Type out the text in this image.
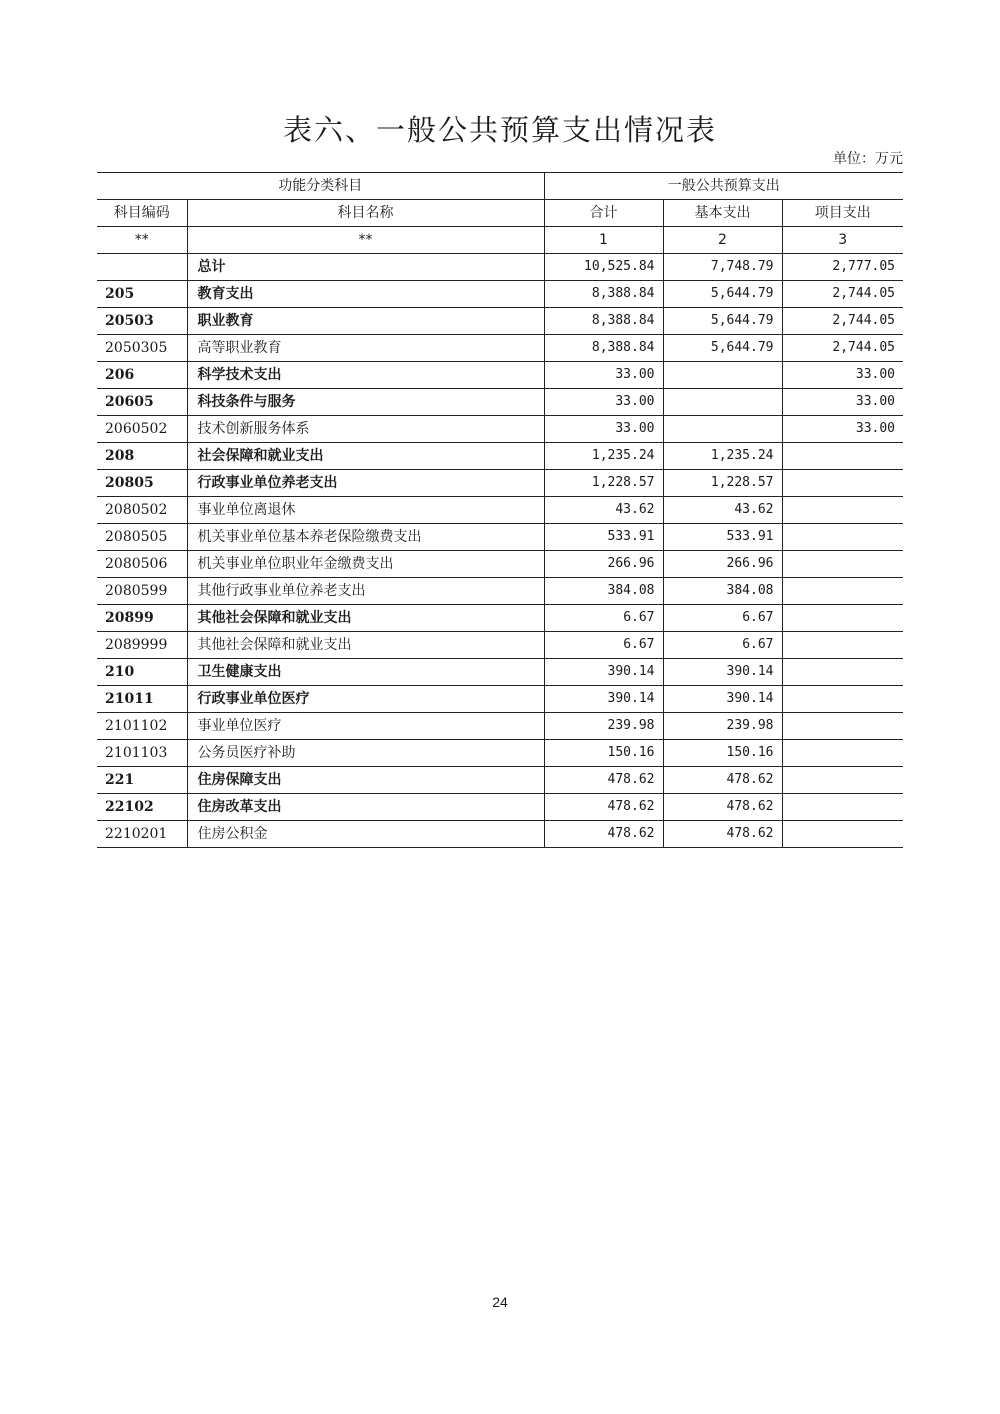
表六、一般公共预算支出情况表
单位：万元
功能分类科目		一般公共预算支出		
科目编码	科目名称	合计	基本支出	项目支出
**	**	1	2	3
	总计	10,525.84	7,748.79	2,777.05
205	教育支出	8,388.84	5,644.79	2,744.05
20503	职业教育	8,388.84	5,644.79	2,744.05
2050305	高等职业教育	8,388.84	5,644.79	2,744.05
206	科学技术支出	33.00		33.00
20605	科技条件与服务	33.00		33.00
2060502	技术创新服务体系	33.00		33.00
208	社会保障和就业支出	1,235.24	1,235.24	
20805	行政事业单位养老支出	1,228.57	1,228.57	
2080502	事业单位离退休	43.62	43.62	
2080505	机关事业单位基本养老保险缴费支出	533.91	533.91	
2080506	机关事业单位职业年金缴费支出	266.96	266.96	
2080599	其他行政事业单位养老支出	384.08	384.08	
20899	其他社会保障和就业支出	6.67	6.67	
2089999	其他社会保障和就业支出	6.67	6.67	
210	卫生健康支出	390.14	390.14	
21011	行政事业单位医疗	390.14	390.14	
2101102	事业单位医疗	239.98	239.98	
2101103	公务员医疗补助	150.16	150.16	
221	住房保障支出	478.62	478.62	
22102	住房改革支出	478.62	478.62	
2210201	住房公积金	478.62	478.62	
24
